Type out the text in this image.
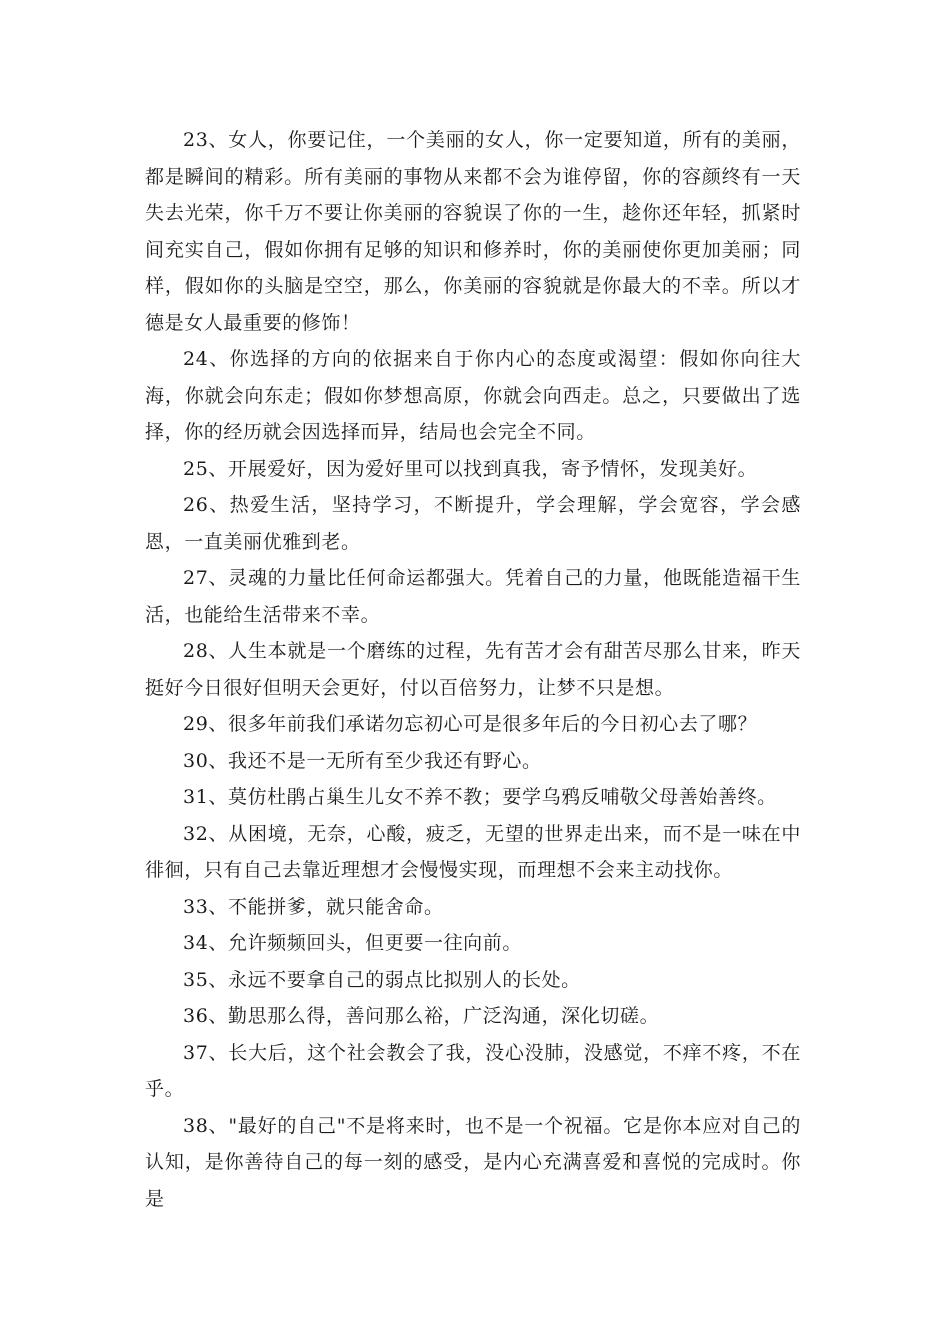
23、女人，你要记住，一个美丽的女人，你一定要知道，所有的美丽，都是瞬间的精彩。所有美丽的事物从来都不会为谁停留，你的容颜终有一天失去光荣，你千万不要让你美丽的容貌误了你的一生，趁你还年轻，抓紧时间充实自己，假如你拥有足够的知识和修养时，你的美丽使你更加美丽；同样，假如你的头脑是空空，那么，你美丽的容貌就是你最大的不幸。所以才德是女人最重要的修饰！

24、你选择的方向的依据来自于你内心的态度或渴望：假如你向往大海，你就会向东走；假如你梦想高原，你就会向西走。总之，只要做出了选择，你的经历就会因选择而异，结局也会完全不同。

25、开展爱好，因为爱好里可以找到真我，寄予情怀，发现美好。

26、热爱生活，坚持学习，不断提升，学会理解，学会宽容，学会感恩，一直美丽优雅到老。

27、灵魂的力量比任何命运都强大。凭着自己的力量，他既能造福干生活，也能给生活带来不幸。

28、人生本就是一个磨练的过程，先有苦才会有甜苦尽那么甘来，昨天挺好今日很好但明天会更好，付以百倍努力，让梦不只是想。

29、很多年前我们承诺勿忘初心可是很多年后的今日初心去了哪？

30、我还不是一无所有至少我还有野心。

31、莫仿杜鹃占巢生儿女不养不教；要学乌鸦反哺敬父母善始善终。

32、从困境，无奈，心酸，疲乏，无望的世界走出来，而不是一味在中徘徊，只有自己去靠近理想才会慢慢实现，而理想不会来主动找你。

33、不能拼爹，就只能舍命。

34、允许频频回头，但更要一往向前。

35、永远不要拿自己的弱点比拟别人的长处。

36、勤思那么得，善问那么裕，广泛沟通，深化切磋。

37、长大后，这个社会教会了我，没心没肺，没感觉，不痒不疼，不在乎。

38、"最好的自己"不是将来时，也不是一个祝福。它是你本应对自己的认知，是你善待自己的每一刻的感受，是内心充满喜爱和喜悦的完成时。你是
